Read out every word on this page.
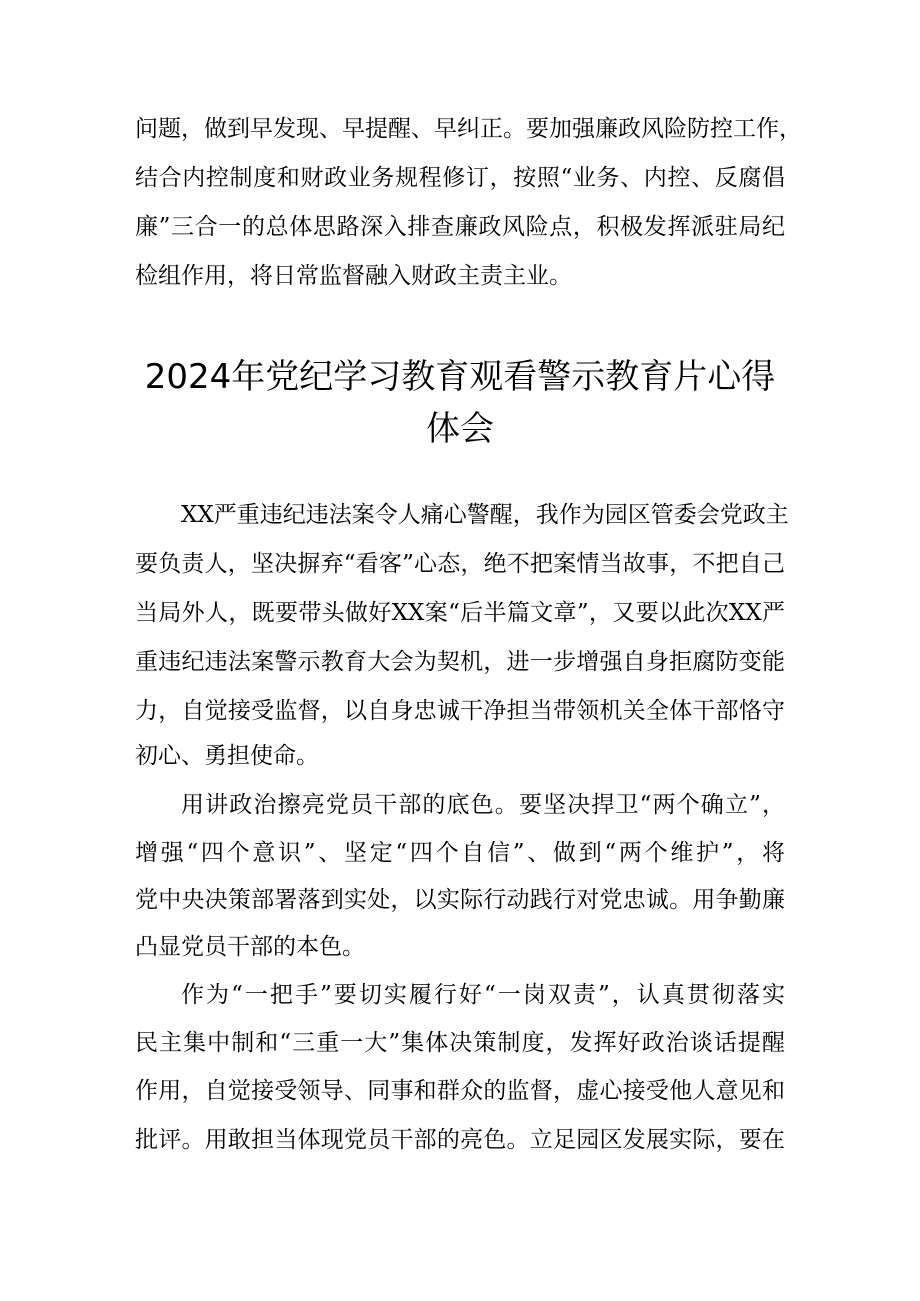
问题，做到早发现、早提醒、早纠正。要加强廉政风险防控工作，
结合内控制度和财政业务规程修订，按照“业务、内控、反腐倡
廉”三合一的总体思路深入排查廉政风险点，积极发挥派驻局纪
检组作用，将日常监督融入财政主责主业。
2024年党纪学习教育观看警示教育片心得
体会
XX严重违纪违法案令人痛心警醒，我作为园区管委会党政主
要负责人，坚决摒弃“看客”心态，绝不把案情当故事，不把自己
当局外人，既要带头做好XX案“后半篇文章”，又要以此次XX严
重违纪违法案警示教育大会为契机，进一步增强自身拒腐防变能
力，自觉接受监督，以自身忠诚干净担当带领机关全体干部恪守
初心、勇担使命。
用讲政治擦亮党员干部的底色。要坚决捍卫“两个确立”，
增强“四个意识”、坚定“四个自信”、做到“两个维护”，将
党中央决策部署落到实处，以实际行动践行对党忠诚。用争勤廉
凸显党员干部的本色。
作为“一把手”要切实履行好“一岗双责”，认真贯彻落实
民主集中制和“三重一大”集体决策制度，发挥好政治谈话提醒
作用，自觉接受领导、同事和群众的监督，虚心接受他人意见和
批评。用敢担当体现党员干部的亮色。立足园区发展实际，要在
